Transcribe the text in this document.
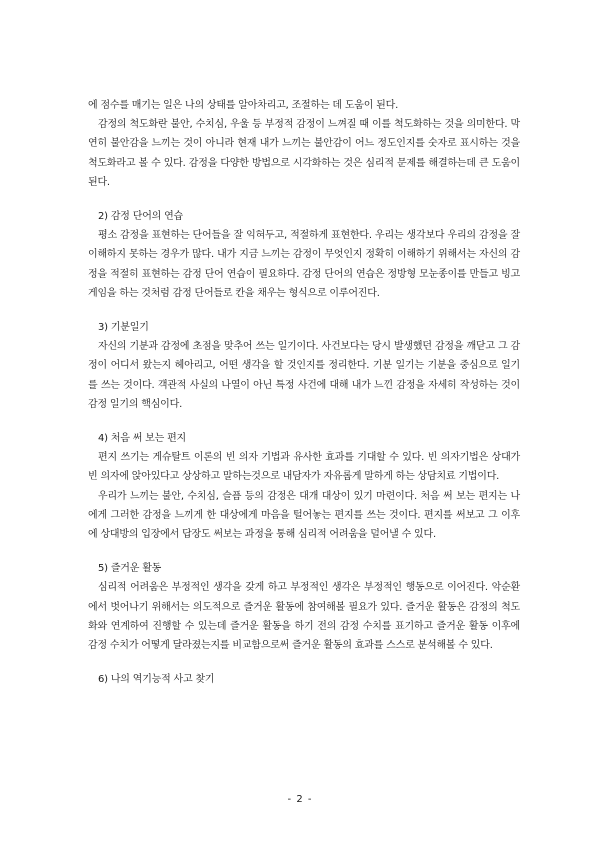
에 점수를 매기는 일은 나의 상태를 알아차리고, 조절하는 데 도움이 된다.

감정의 척도화란 불안, 수치심, 우울 등 부정적 감정이 느껴질 때 이를 척도화하는 것을 의미한다. 막연히 불안감을 느끼는 것이 아니라 현재 내가 느끼는 불안감이 어느 정도인지를 숫자로 표시하는 것을 척도화라고 볼 수 있다. 감정을 다양한 방법으로 시각화하는 것은 심리적 문제를 해결하는데 큰 도움이 된다.

2) 감정 단어의 연습

평소 감정을 표현하는 단어들을 잘 익혀두고, 적절하게 표현한다. 우리는 생각보다 우리의 감정을 잘 이해하지 못하는 경우가 많다. 내가 지금 느끼는 감정이 무엇인지 정확히 이해하기 위해서는 자신의 감정을 적절히 표현하는 감정 단어 연습이 필요하다. 감정 단어의 연습은 정방형 모눈종이를 만들고 빙고 게임을 하는 것처럼 감정 단어들로 칸을 채우는 형식으로 이루어진다.

3) 기분일기

자신의 기분과 감정에 초점을 맞추어 쓰는 일기이다. 사건보다는 당시 발생했던 감정을 깨닫고 그 감정이 어디서 왔는지 헤아리고, 어떤 생각을 할 것인지를 정리한다. 기분 일기는 기분을 중심으로 일기를 쓰는 것이다. 객관적 사실의 나열이 아닌 특정 사건에 대해 내가 느낀 감정을 자세히 작성하는 것이 감정 일기의 핵심이다.

4) 처음 써 보는 편지

편지 쓰기는 게슈탈트 이론의 빈 의자 기법과 유사한 효과를 기대할 수 있다. 빈 의자기법은 상대가 빈 의자에 앉아있다고 상상하고 말하는것으로 내담자가 자유롭게 말하게 하는 상담치료 기법이다.

우리가 느끼는 불안, 수치심, 슬픔 등의 감정은 대개 대상이 있기 마련이다. 처음 써 보는 편지는 나에게 그러한 감정을 느끼게 한 대상에게 마음을 털어놓는 편지를 쓰는 것이다. 편지를 써보고 그 이후에 상대방의 입장에서 답장도 써보는 과정을 통해 심리적 어려움을 덜어낼 수 있다.

5) 즐거운 활동

심리적 어려움은 부정적인 생각을 갖게 하고 부정적인 생각은 부정적인 행동으로 이어진다. 악순환에서 벗어나기 위해서는 의도적으로 즐거운 활동에 참여해볼 필요가 있다. 즐거운 활동은 감정의 척도화와 연계하여 진행할 수 있는데 즐거운 활동을 하기 전의 감정 수치를 표기하고 즐거운 활동 이후에 감정 수치가 어떻게 달라졌는지를 비교함으로써 즐거운 활동의 효과를 스스로 분석해볼 수 있다.

6) 나의 역기능적 사고 찾기

- 2 -
